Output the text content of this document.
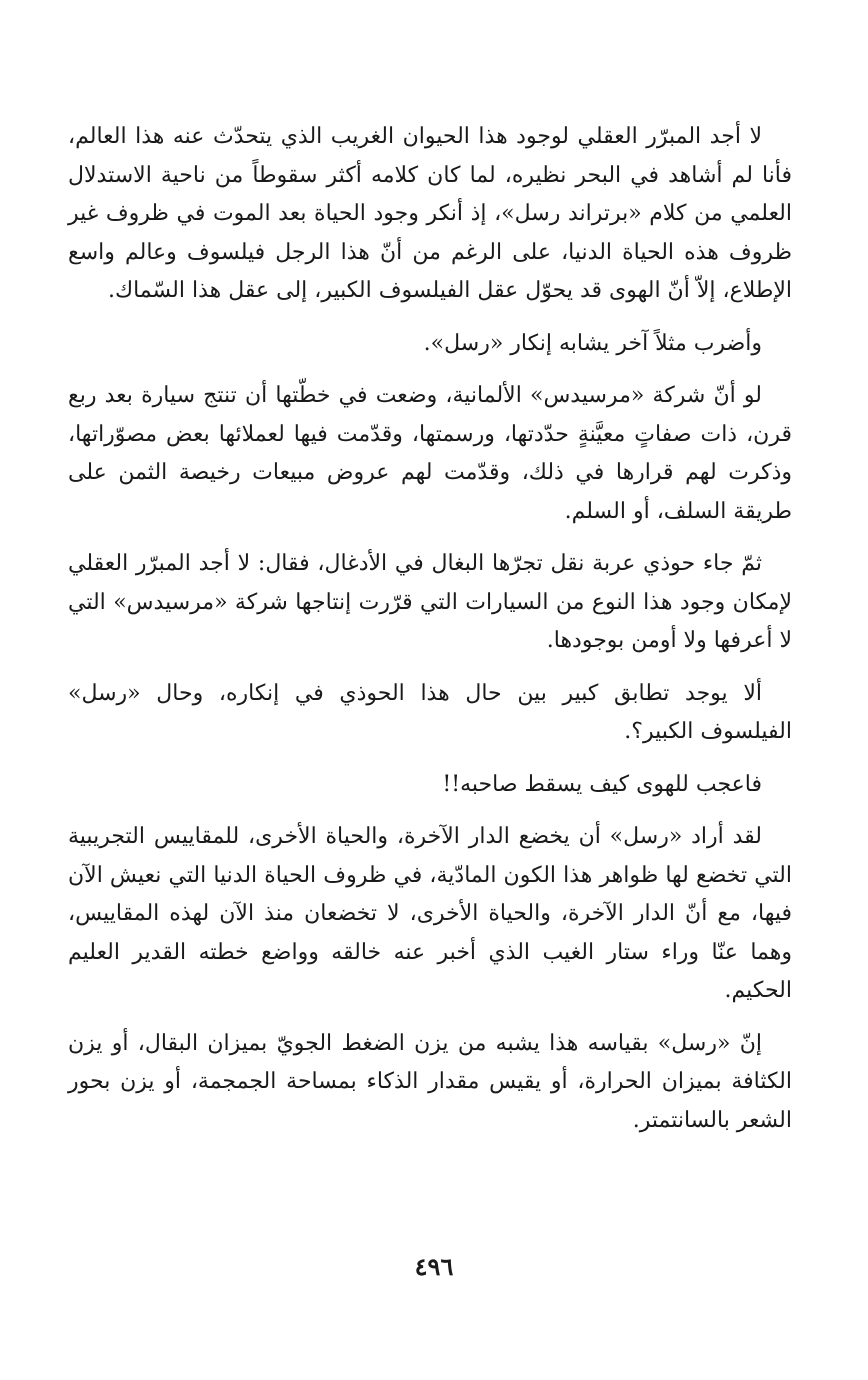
لا أجد المبرّر العقلي لوجود هذا الحيوان الغريب الذي يتحدّث عنه هذا العالم، فأنا لم أشاهد في البحر نظيره، لما كان كلامه أكثر سقوطاً من ناحية الاستدلال العلمي من كلام «برتراند رسل»، إذ أنكر وجود الحياة بعد الموت في ظروف غير ظروف هذه الحياة الدنيا، على الرغم من أنّ هذا الرجل فيلسوف وعالم واسع الإطلاع، إلاّ أنّ الهوى قد يحوّل عقل الفيلسوف الكبير، إلى عقل هذا السّماك.

وأضرب مثلاً آخر يشابه إنكار «رسل».

لو أنّ شركة «مرسيدس» الألمانية، وضعت في خطّتها أن تنتج سيارة بعد ربع قرن، ذات صفاتٍ معيَّنةٍ حدّدتها، ورسمتها، وقدّمت فيها لعملائها بعض مصوّراتها، وذكرت لهم قرارها في ذلك، وقدّمت لهم عروض مبيعات رخيصة الثمن على طريقة السلف، أو السلم.

ثمّ جاء حوذي عربة نقل تجرّها البغال في الأدغال، فقال: لا أجد المبرّر العقلي لإمكان وجود هذا النوع من السيارات التي قرّرت إنتاجها شركة «مرسيدس» التي لا أعرفها ولا أومن بوجودها.

ألا يوجد تطابق كبير بين حال هذا الحوذي في إنكاره، وحال «رسل» الفيلسوف الكبير؟.

فاعجب للهوى كيف يسقط صاحبه!!

لقد أراد «رسل» أن يخضع الدار الآخرة، والحياة الأخرى، للمقاييس التجريبية التي تخضع لها ظواهر هذا الكون المادّية، في ظروف الحياة الدنيا التي نعيش الآن فيها، مع أنّ الدار الآخرة، والحياة الأخرى، لا تخضعان منذ الآن لهذه المقاييس، وهما عنّا وراء ستار الغيب الذي أخبر عنه خالقه وواضع خطته القدير العليم الحكيم.

إنّ «رسل» بقياسه هذا يشبه من يزن الضغط الجويّ بميزان البقال، أو يزن الكثافة بميزان الحرارة، أو يقيس مقدار الذكاء بمساحة الجمجمة، أو يزن بحور الشعر بالسانتمتر.

٤٩٦
